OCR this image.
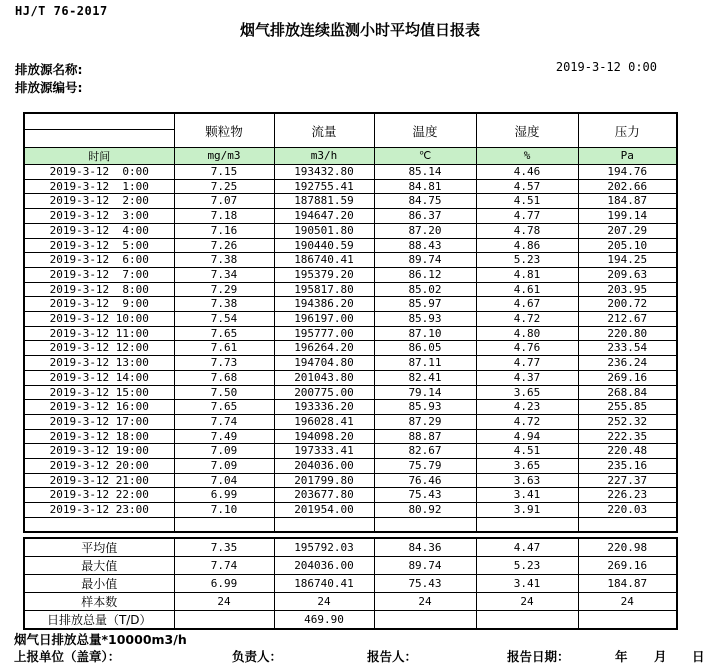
HJ/T 76-2017
烟气排放连续监测小时平均值日报表
排放源名称:
排放源编号:
2019-3-12 0:00
	颗粒物	流量	温度	湿度	压力
时间	mg/m3	m3/h	℃	%	Pa
2019-3-12  0:00	7.15	193432.80	85.14	4.46	194.76
2019-3-12  1:00	7.25	192755.41	84.81	4.57	202.66
2019-3-12  2:00	7.07	187881.59	84.75	4.51	184.87
2019-3-12  3:00	7.18	194647.20	86.37	4.77	199.14
2019-3-12  4:00	7.16	190501.80	87.20	4.78	207.29
2019-3-12  5:00	7.26	190440.59	88.43	4.86	205.10
2019-3-12  6:00	7.38	186740.41	89.74	5.23	194.25
2019-3-12  7:00	7.34	195379.20	86.12	4.81	209.63
2019-3-12  8:00	7.29	195817.80	85.02	4.61	203.95
2019-3-12  9:00	7.38	194386.20	85.97	4.67	200.72
2019-3-12 10:00	7.54	196197.00	85.93	4.72	212.67
2019-3-12 11:00	7.65	195777.00	87.10	4.80	220.80
2019-3-12 12:00	7.61	196264.20	86.05	4.76	233.54
2019-3-12 13:00	7.73	194704.80	87.11	4.77	236.24
2019-3-12 14:00	7.68	201043.80	82.41	4.37	269.16
2019-3-12 15:00	7.50	200775.00	79.14	3.65	268.84
2019-3-12 16:00	7.65	193336.20	85.93	4.23	255.85
2019-3-12 17:00	7.74	196028.41	87.29	4.72	252.32
2019-3-12 18:00	7.49	194098.20	88.87	4.94	222.35
2019-3-12 19:00	7.09	197333.41	82.67	4.51	220.48
2019-3-12 20:00	7.09	204036.00	75.79	3.65	235.16
2019-3-12 21:00	7.04	201799.80	76.46	3.63	227.37
2019-3-12 22:00	6.99	203677.80	75.43	3.41	226.23
2019-3-12 23:00	7.10	201954.00	80.92	3.91	220.03

平均值	7.35	195792.03	84.36	4.47	220.98
最大值	7.74	204036.00	89.74	5.23	269.16
最小值	6.99	186740.41	75.43	3.41	184.87
样本数	24	24	24	24	24
日排放总量（T/D）		469.90			
烟气日排放总量*10000m3/h
上报单位（盖章）：	负责人：	报告人：	报告日期：	年 月 日
